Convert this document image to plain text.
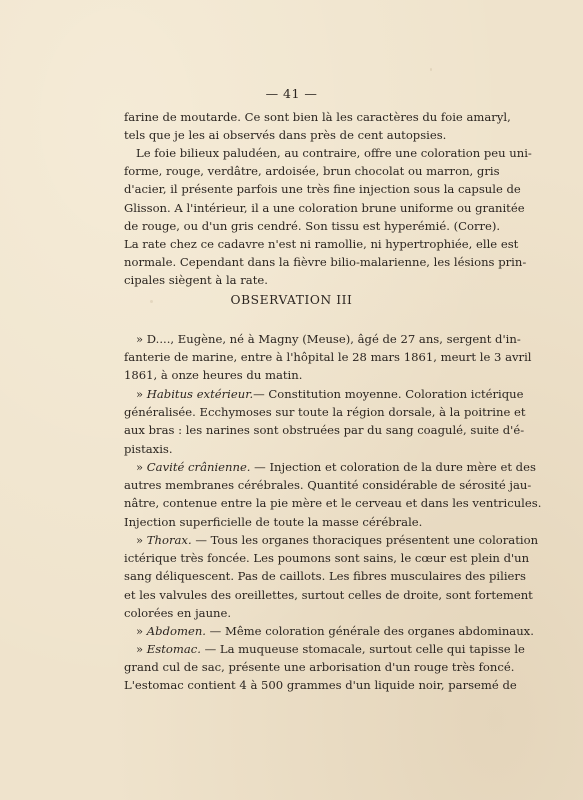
— 41 —
farine de moutarde. Ce sont bien là les caractères du foie amaryl,
tels que je les ai observés dans près de cent autopsies.
Le foie bilieux paludéen, au contraire, offre une coloration peu uni-
forme, rouge, verdâtre, ardoisée, brun chocolat ou marron, gris
d'acier, il présente parfois une très fine injection sous la capsule de
Glisson. A l'intérieur, il a une coloration brune uniforme ou granitée
de rouge, ou d'un gris cendré. Son tissu est hyperémié. (Corre).
La rate chez ce cadavre n'est ni ramollie, ni hypertrophiée, elle est
normale. Cependant dans la fièvre bilio-malarienne, les lésions prin-
cipales siègent à la rate.
OBSERVATION III
» D...., Eugène, né à Magny (Meuse), âgé de 27 ans, sergent d'in-
fanterie de marine, entre à l'hôpital le 28 mars 1861, meurt le 3 avril
1861, à onze heures du matin.
» Habitus extérieur.— Constitution moyenne. Coloration ictérique
généralisée. Ecchymoses sur toute la région dorsale, à la poitrine et
aux bras : les narines sont obstruées par du sang coagulé, suite d'é-
pistaxis.
» Cavité crânienne. — Injection et coloration de la dure mère et des
autres membranes cérébrales. Quantité considérable de sérosité jau-
nâtre, contenue entre la pie mère et le cerveau et dans les ventricules.
Injection superficielle de toute la masse cérébrale.
» Thorax. — Tous les organes thoraciques présentent une coloration
ictérique très foncée. Les poumons sont sains, le cœur est plein d'un
sang déliquescent. Pas de caillots. Les fibres musculaires des piliers
et les valvules des oreillettes, surtout celles de droite, sont fortement
colorées en jaune.
» Abdomen. — Même coloration générale des organes abdominaux.
» Estomac. — La muqueuse stomacale, surtout celle qui tapisse le
grand cul de sac, présente une arborisation d'un rouge très foncé.
L'estomac contient 4 à 500 grammes d'un liquide noir, parsemé de
